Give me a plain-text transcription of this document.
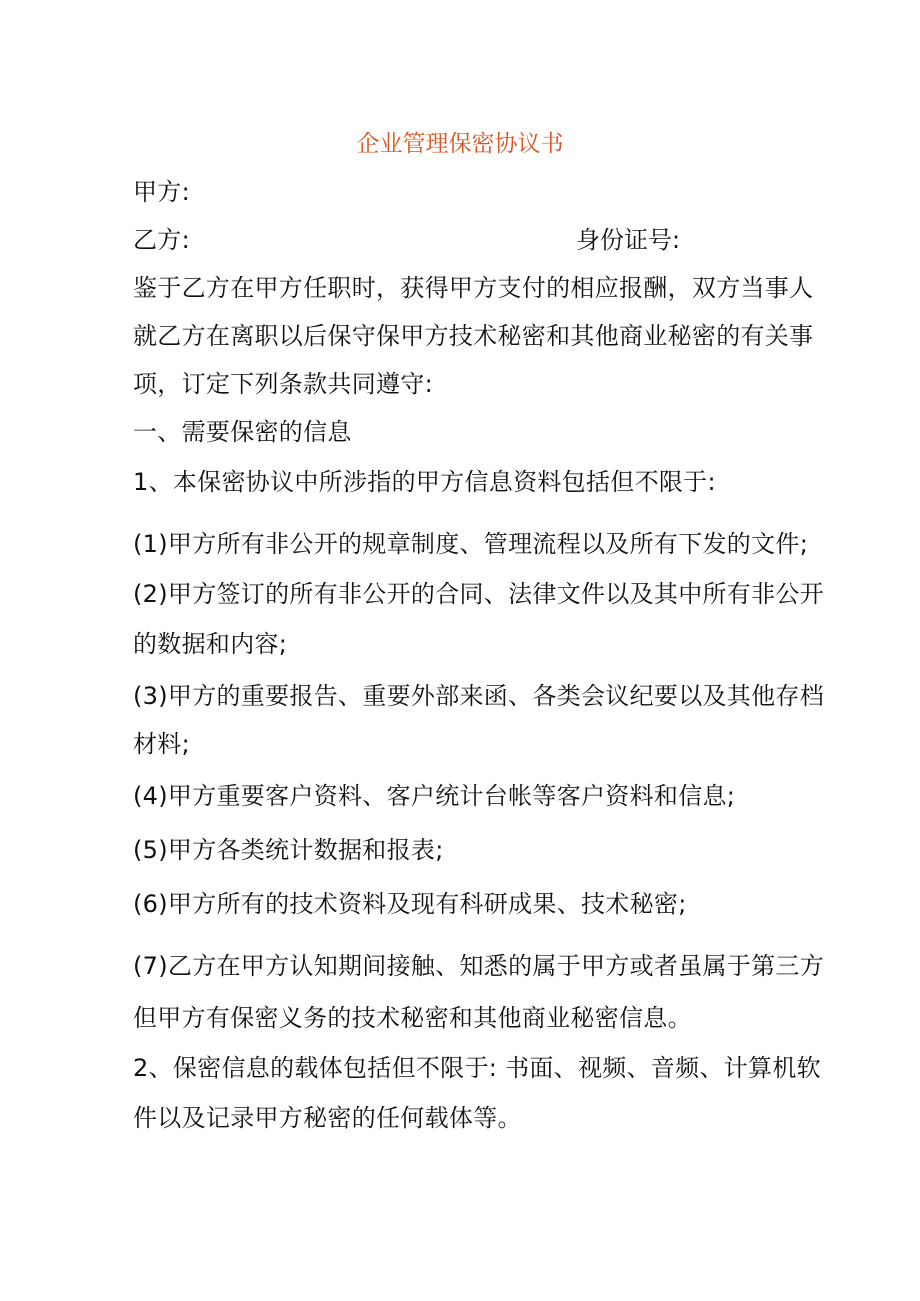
企业管理保密协议书
甲方:
乙方:	身份证号:
鉴于乙方在甲方任职时，获得甲方支付的相应报酬，双方当事人
就乙方在离职以后保守保甲方技术秘密和其他商业秘密的有关事
项，订定下列条款共同遵守:
一、需要保密的信息
1、本保密协议中所涉指的甲方信息资料包括但不限于:
(1)甲方所有非公开的规章制度、管理流程以及所有下发的文件;
(2)甲方签订的所有非公开的合同、法律文件以及其中所有非公开
的数据和内容;
(3)甲方的重要报告、重要外部来函、各类会议纪要以及其他存档
材料;
(4)甲方重要客户资料、客户统计台帐等客户资料和信息;
(5)甲方各类统计数据和报表;
(6)甲方所有的技术资料及现有科研成果、技术秘密;
(7)乙方在甲方认知期间接触、知悉的属于甲方或者虽属于第三方
但甲方有保密义务的技术秘密和其他商业秘密信息。
2、保密信息的载体包括但不限于: 书面、视频、音频、计算机软
件以及记录甲方秘密的任何载体等。
